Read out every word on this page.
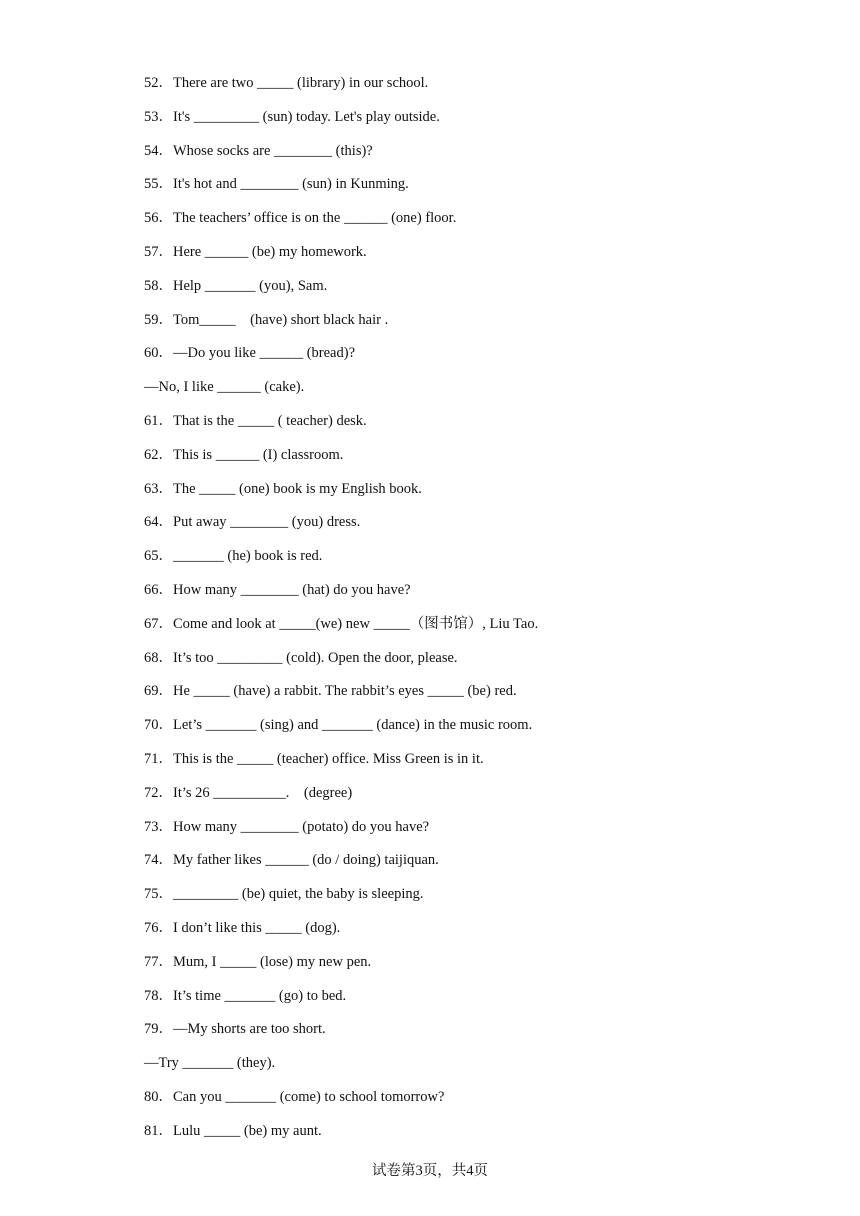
52．There are two _____ (library) in our school.
53．It's _________ (sun) today. Let's play outside.
54．Whose socks are ________ (this)?
55．It's hot and ________ (sun) in Kunming.
56．The teachers’ office is on the ______ (one) floor.
57．Here ______ (be) my homework.
58．Help _______ (you), Sam.
59．Tom_____    (have) short black hair .
60．—Do you like ______ (bread)?
—No, I like ______ (cake).
61．That is the _____ ( teacher) desk.
62．This is ______ (I) classroom.
63．The _____ (one) book is my English book.
64．Put away ________ (you) dress.
65．_______ (he) book is red.
66．How many ________ (hat) do you have?
67．Come and look at _____(we) new _____（图书馆）, Liu Tao.
68．It’s too _________ (cold). Open the door, please.
69．He _____ (have) a rabbit. The rabbit’s eyes _____ (be) red.
70．Let’s _______ (sing) and _______ (dance) in the music room.
71．This is the _____ (teacher) office. Miss Green is in it.
72．It’s 26 __________.    (degree)
73．How many ________ (potato) do you have?
74．My father likes ______ (do / doing) taijiquan.
75．_________ (be) quiet, the baby is sleeping.
76．I don’t like this _____ (dog).
77．Mum, I _____ (lose) my new pen.
78．It’s time _______ (go) to bed.
79．—My shorts are too short.
—Try _______ (they).
80．Can you _______ (come) to school tomorrow?
81．Lulu _____ (be) my aunt.
试卷第3页，共4页
